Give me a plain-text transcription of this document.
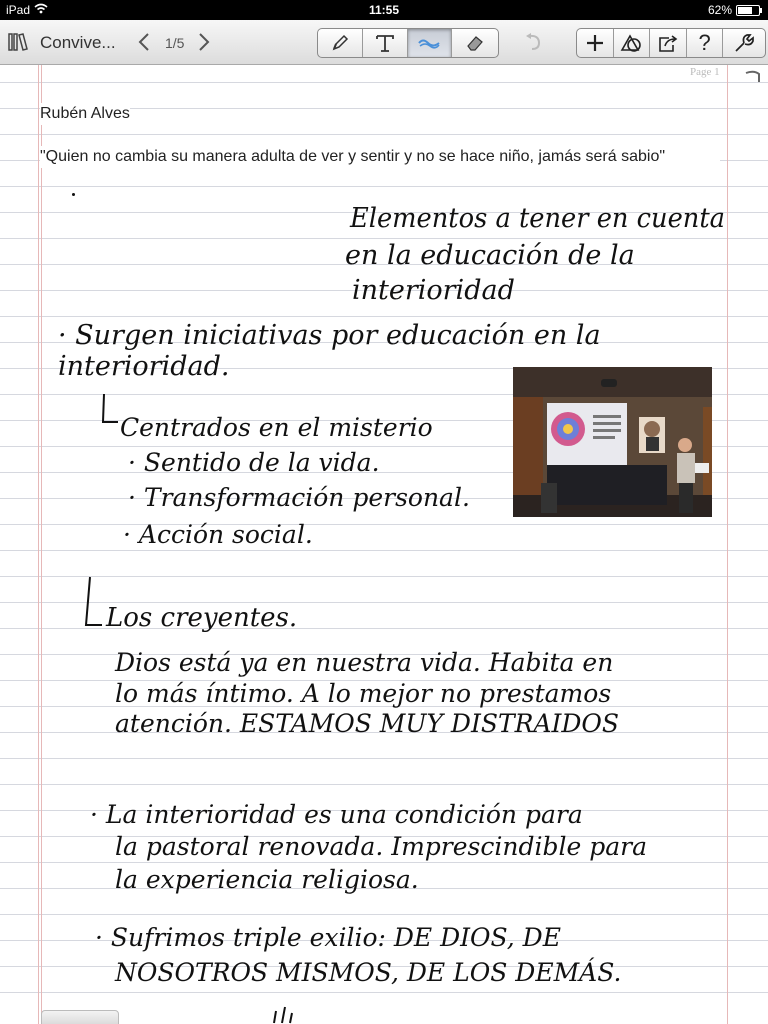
iPad	11:55	62%
Convive...	1/5	?
Page 1
Rubén Alves
"Quien no cambia su manera adulta de ver y sentir y no se hace niño, jamás será sabio"
Elementos a tener en cuenta
en la educación de la
interioridad
· Surgen iniciativas por educación en la
interioridad.
Centrados en el misterio
· Sentido de la vida.
· Transformación personal.
· Acción social.
Los creyentes.
Dios está ya en nuestra vida. Habita en
lo más íntimo. A lo mejor no prestamos
atención. ESTAMOS MUY DISTRAIDOS
· La interioridad es una condición para
la pastoral renovada. Imprescindible para
la experiencia religiosa.
· Sufrimos triple exilio: DE DIOS, DE
NOSOTROS MISMOS, DE LOS DEMÁS.
